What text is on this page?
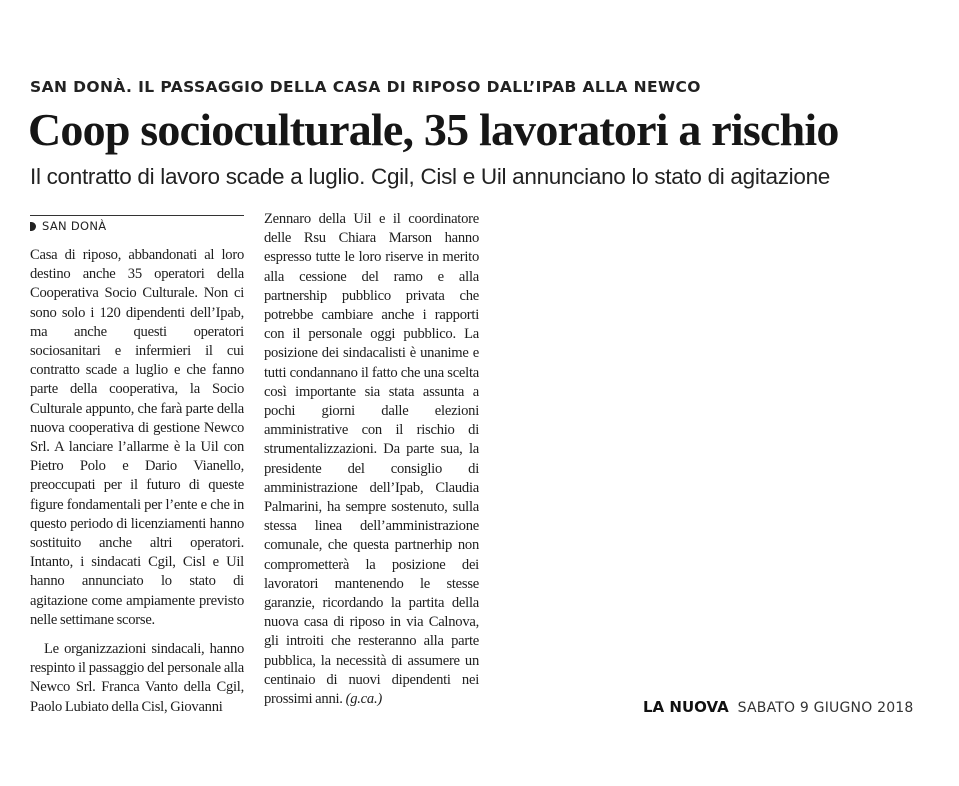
SAN DONÀ. IL PASSAGGIO DELLA CASA DI RIPOSO DALL’IPAB ALLA NEWCO
Coop socioculturale, 35 lavoratori a rischio
Il contratto di lavoro scade a luglio. Cgil, Cisl e Uil annunciano lo stato di agitazione
SAN DONÀ

Casa di riposo, abbandonati al loro destino anche 35 operatori della Cooperativa Socio Culturale. Non ci sono solo i 120 dipendenti dell’Ipab, ma anche questi operatori sociosanitari e infermieri il cui contratto scade a luglio e che fanno parte della cooperativa, la Socio Culturale appunto, che farà parte della nuova cooperativa di gestione Newco Srl. A lanciare l’allarme è la Uil con Pietro Polo e Dario Vianello, preoccupati per il futuro di queste figure fondamentali per l’ente e che in questo periodo di licenziamenti hanno sostituito anche altri operatori. Intanto, i sindacati Cgil, Cisl e Uil hanno annunciato lo stato di agitazione come ampiamente previsto nelle settimane scorse.

Le organizzazioni sindacali, hanno respinto il passaggio del personale alla Newco Srl. Franca Vanto della Cgil, Paolo Lubiato della Cisl, Giovanni

Zennaro della Uil e il coordinatore delle Rsu Chiara Marson hanno espresso tutte le loro riserve in merito alla cessione del ramo e alla partnership pubblico privata che potrebbe cambiare anche i rapporti con il personale oggi pubblico. La posizione dei sindacalisti è unanime e tutti condannano il fatto che una scelta così importante sia stata assunta a pochi giorni dalle elezioni amministrative con il rischio di strumentalizzazioni. Da parte sua, la presidente del consiglio di amministrazione dell’Ipab, Claudia Palmarini, ha sempre sostenuto, sulla stessa linea dell’amministrazione comunale, che questa partnerhip non comprometterà la posizione dei lavoratori mantenendo le stesse garanzie, ricordando la partita della nuova casa di riposo in via Calnova, gli introiti che resteranno alla parte pubblica, la necessità di assumere un centinaio di nuovi dipendenti nei prossimi anni. (g.ca.)	LA NUOVA SABATO 9 GIUGNO 2018
